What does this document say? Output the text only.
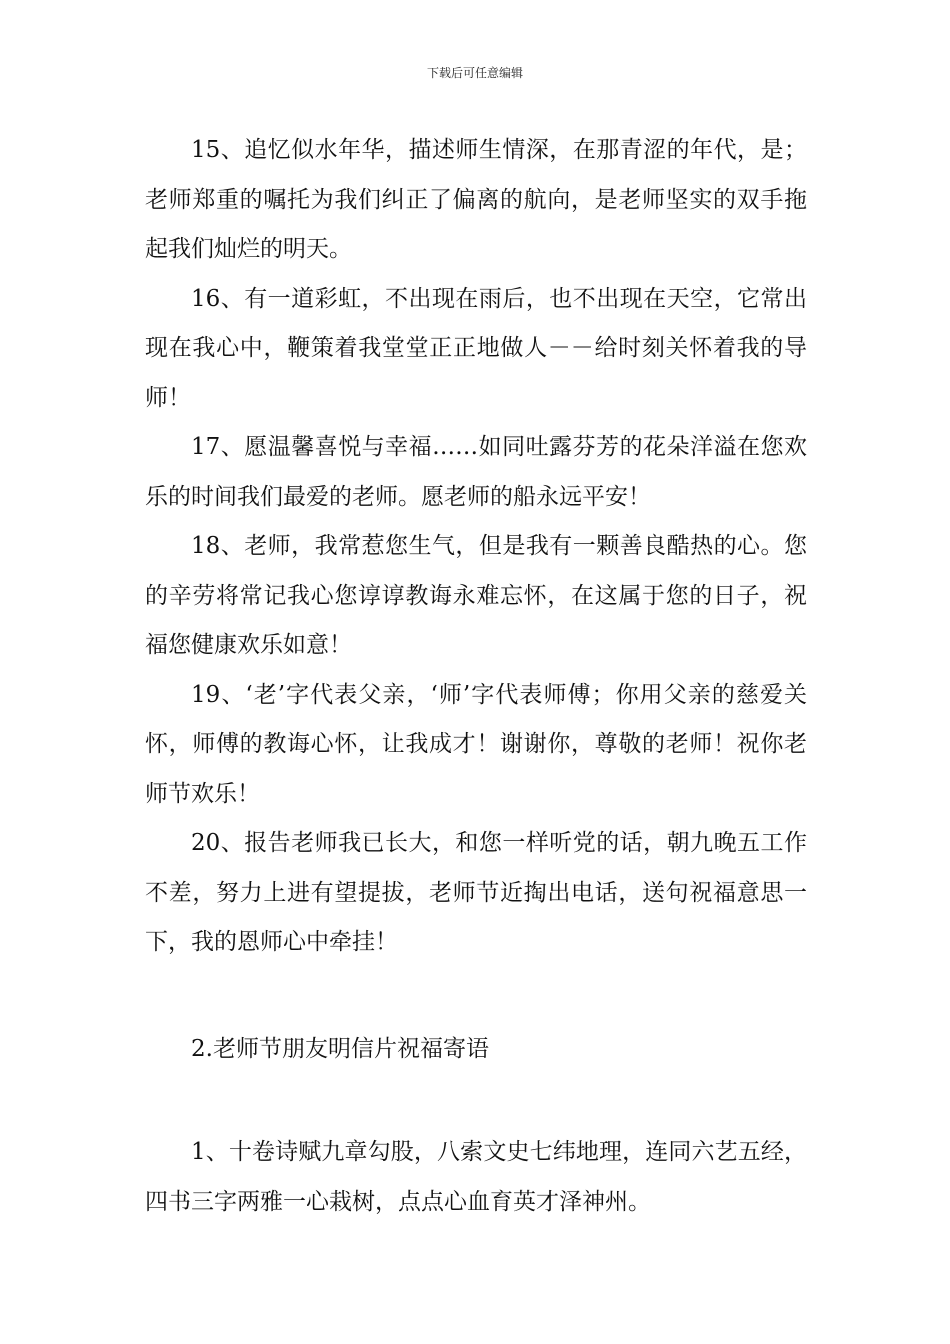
下载后可任意编辑

15、追忆似水年华，描述师生情深，在那青涩的年代，是；老师郑重的嘱托为我们纠正了偏离的航向，是老师坚实的双手拖起我们灿烂的明天。

16、有一道彩虹，不出现在雨后，也不出现在天空，它常出现在我心中，鞭策着我堂堂正正地做人－－给时刻关怀着我的导师！

17、愿温馨喜悦与幸福……如同吐露芬芳的花朵洋溢在您欢乐的时间我们最爱的老师。愿老师的船永远平安！

18、老师，我常惹您生气，但是我有一颗善良酷热的心。您的辛劳将常记我心您谆谆教诲永难忘怀，在这属于您的日子，祝福您健康欢乐如意！

19、‘老’字代表父亲，‘师’字代表师傅；你用父亲的慈爱关怀，师傅的教诲心怀，让我成才！谢谢你，尊敬的老师！祝你老师节欢乐！

20、报告老师我已长大，和您一样听党的话，朝九晚五工作不差，努力上进有望提拔，老师节近掏出电话，送句祝福意思一下，我的恩师心中牵挂！

2.老师节朋友明信片祝福寄语

1、十卷诗赋九章勾股，八索文史七纬地理，连同六艺五经，四书三字两雅一心栽树，点点心血育英才泽神州。
